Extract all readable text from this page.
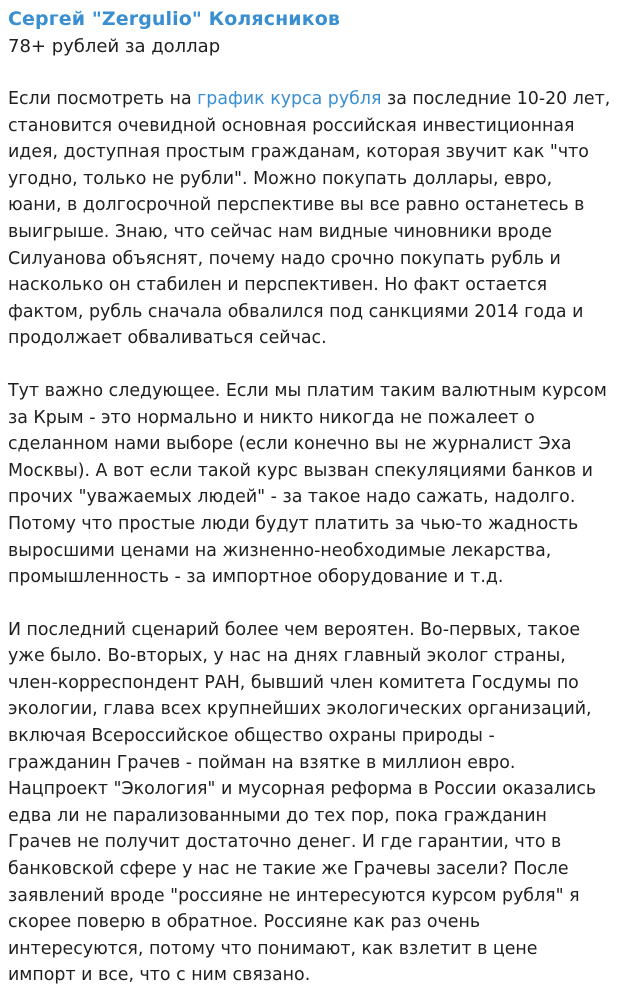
Сергей "Zergulio" Колясников
78+ рублей за доллар
Если посмотреть на график курса рубля за последние 10-20 лет,
становится очевидной основная российская инвестиционная
идея, доступная простым гражданам, которая звучит как "что
угодно, только не рубли". Можно покупать доллары, евро,
юани, в долгосрочной перспективе вы все равно останетесь в
выигрыше. Знаю, что сейчас нам видные чиновники вроде
Силуанова объяснят, почему надо срочно покупать рубль и
насколько он стабилен и перспективен. Но факт остается
фактом, рубль сначала обвалился под санкциями 2014 года и
продолжает обваливаться сейчас.
Тут важно следующее. Если мы платим таким валютным курсом
за Крым - это нормально и никто никогда не пожалеет о
сделанном нами выборе (если конечно вы не журналист Эха
Москвы). А вот если такой курс вызван спекуляциями банков и
прочих "уважаемых людей" - за такое надо сажать, надолго.
Потому что простые люди будут платить за чью-то жадность
выросшими ценами на жизненно-необходимые лекарства,
промышленность - за импортное оборудование и т.д.
И последний сценарий более чем вероятен. Во-первых, такое
уже было. Во-вторых, у нас на днях главный эколог страны,
член-корреспондент РАН, бывший член комитета Госдумы по
экологии, глава всех крупнейших экологических организаций,
включая Всероссийское общество охраны природы -
гражданин Грачев - пойман на взятке в миллион евро.
Нацпроект "Экология" и мусорная реформа в России оказались
едва ли не парализованными до тех пор, пока гражданин
Грачев не получит достаточно денег. И где гарантии, что в
банковской сфере у нас не такие же Грачевы засели? После
заявлений вроде "россияне не интересуются курсом рубля" я
скорее поверю в обратное. Россияне как раз очень
интересуются, потому что понимают, как взлетит в цене
импорт и все, что с ним связано.
